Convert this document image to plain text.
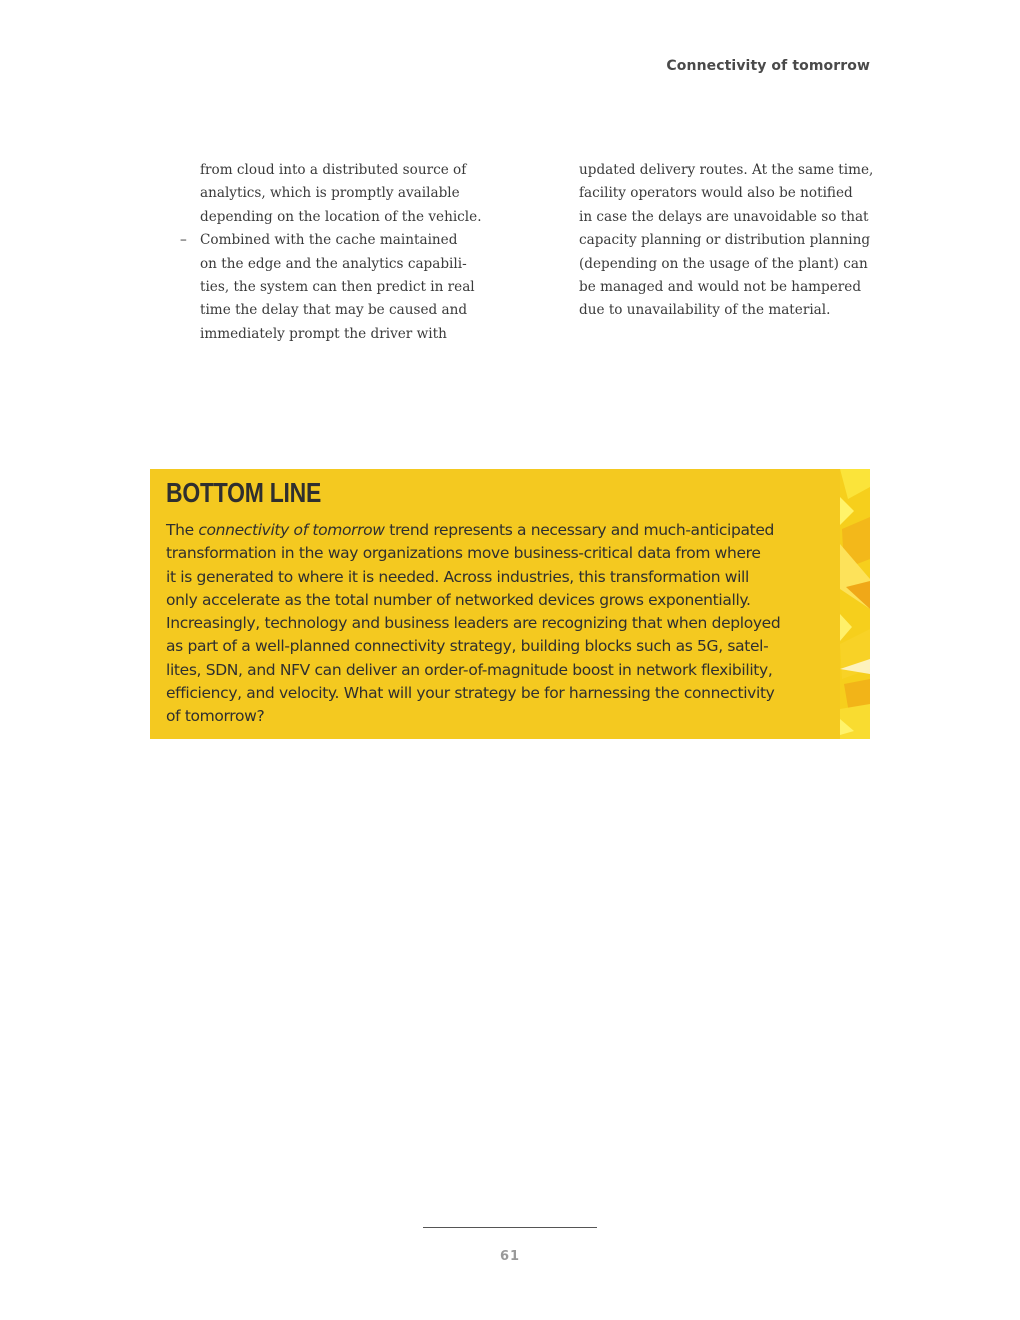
Connectivity of tomorrow
from cloud into a distributed source of
analytics, which is promptly available
depending on the location of the vehicle.
– Combined with the cache maintained
on the edge and the analytics capabili-
ties, the system can then predict in real
time the delay that may be caused and
immediately prompt the driver with
updated delivery routes. At the same time,
facility operators would also be notified
in case the delays are unavoidable so that
capacity planning or distribution planning
(depending on the usage of the plant) can
be managed and would not be hampered
due to unavailability of the material.
BOTTOM LINE
The connectivity of tomorrow trend represents a necessary and much-anticipated
transformation in the way organizations move business-critical data from where
it is generated to where it is needed. Across industries, this transformation will
only accelerate as the total number of networked devices grows exponentially.
Increasingly, technology and business leaders are recognizing that when deployed
as part of a well-planned connectivity strategy, building blocks such as 5G, satel-
lites, SDN, and NFV can deliver an order-of-magnitude boost in network flexibility,
efficiency, and velocity. What will your strategy be for harnessing the connectivity
of tomorrow?
61
